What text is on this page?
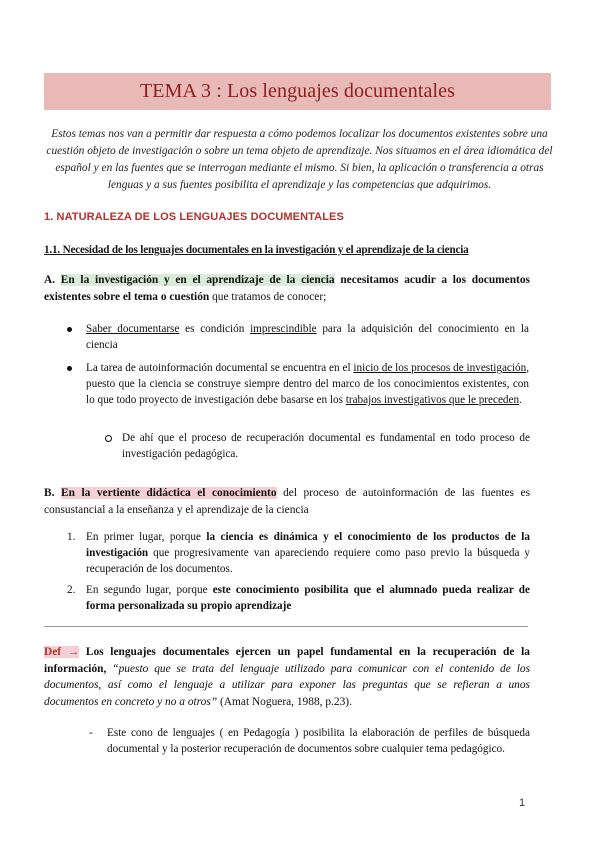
TEMA 3 : Los lenguajes documentales
Estos temas nos van a permitir dar respuesta a cómo podemos localizar los documentos existentes sobre una cuestión objeto de investigación o sobre un tema objeto de aprendizaje. Nos situamos en el área idiomática del español y en las fuentes que se interrogan mediante el mismo. Si bien, la aplicación o transferencia a otras lenguas y a sus fuentes posibilita el aprendizaje y las competencias que adquirimos.
1. NATURALEZA DE LOS LENGUAJES DOCUMENTALES
1.1. Necesidad de los lenguajes documentales en la investigación y el aprendizaje de la ciencia
A. En la investigación y en el aprendizaje de la ciencia necesitamos acudir a los documentos existentes sobre el tema o cuestión que tratamos de conocer;
Saber documentarse es condición imprescindible para la adquisición del conocimiento en la ciencia
La tarea de autoinformación documental se encuentra en el inicio de los procesos de investigación, puesto que la ciencia se construye siempre dentro del marco de los conocimientos existentes, con lo que todo proyecto de investigación debe basarse en los trabajos investigativos que le preceden.
De ahí que el proceso de recuperación documental es fundamental en todo proceso de investigación pedagógica.
B. En la vertiente didáctica el conocimiento del proceso de autoinformación de las fuentes es consustancial a la enseñanza y el aprendizaje de la ciencia
1. En primer lugar, porque la ciencia es dinámica y el conocimiento de los productos de la investigación que progresivamente van apareciendo requiere como paso previo la búsqueda y recuperación de los documentos.
2. En segundo lugar, porque este conocimiento posibilita que el alumnado pueda realizar de forma personalizada su propio aprendizaje
Def → Los lenguajes documentales ejercen un papel fundamental en la recuperación de la información, “puesto que se trata del lenguaje utilizado para comunicar con el contenido de los documentos, así como el lenguaje a utilizar para exponer las preguntas que se refieran a unos documentos en concreto y no a otros” (Amat Noguera, 1988, p.23).
- Este cono de lenguajes ( en Pedagogía ) posibilita la elaboración de perfiles de búsqueda documental y la posterior recuperación de documentos sobre cualquier tema pedagógico.
1
